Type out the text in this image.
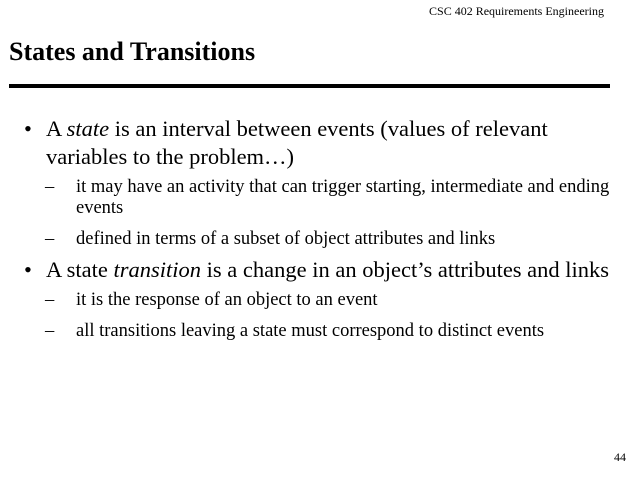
CSC 402 Requirements Engineering
States and Transitions

• A state is an interval between events (values of relevant variables to the problem…)

– it may have an activity that can trigger starting, intermediate and ending events
– defined in terms of a subset of object attributes and links

• A state transition is a change in an object’s attributes and links

– it is the response of an object to an event
– all transitions leaving a state must correspond to distinct events
44
